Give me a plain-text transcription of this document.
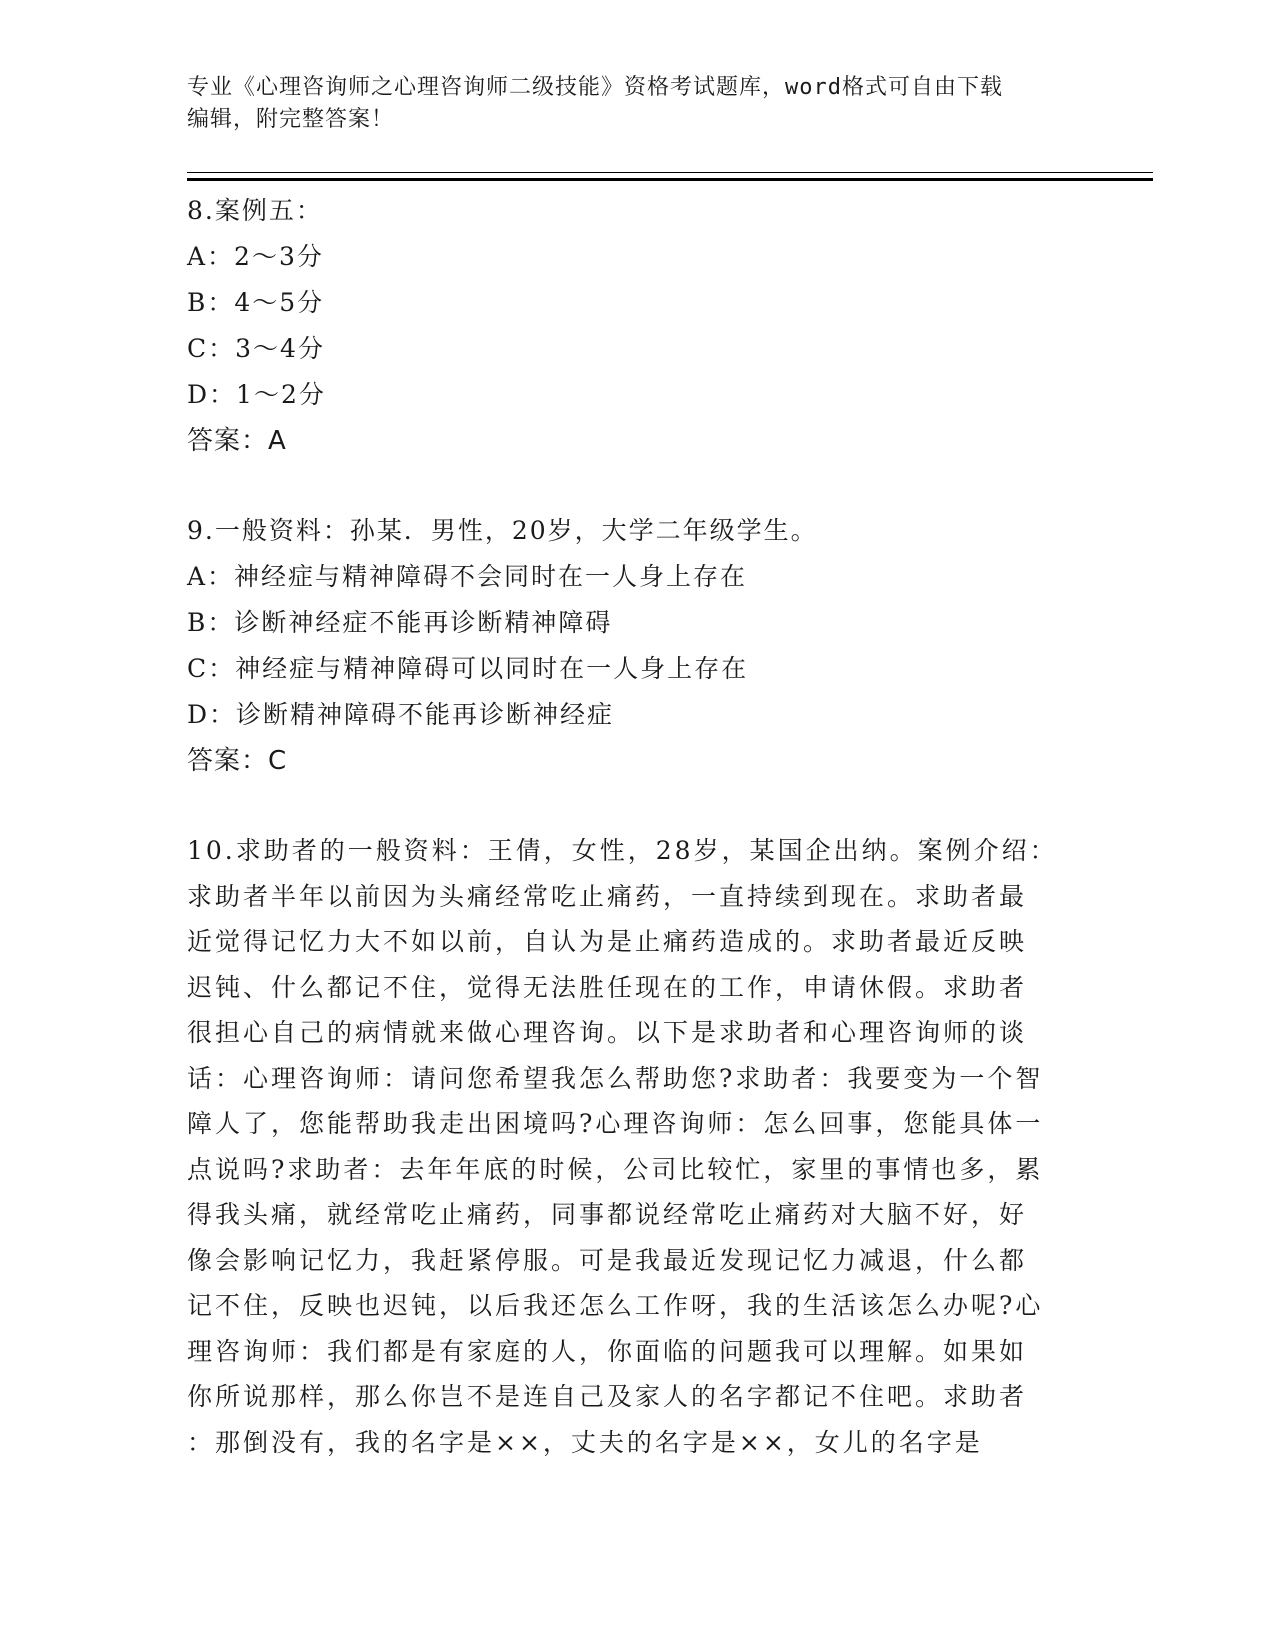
专业《心理咨询师之心理咨询师二级技能》资格考试题库，word格式可自由下载
编辑，附完整答案！
8.案例五：
A：2～3分
B：4～5分
C：3～4分
D：1～2分
答案：A
9.一般资料：孙某．男性，20岁，大学二年级学生。
A：神经症与精神障碍不会同时在一人身上存在
B：诊断神经症不能再诊断精神障碍
C：神经症与精神障碍可以同时在一人身上存在
D：诊断精神障碍不能再诊断神经症
答案：C
10.求助者的一般资料：王倩，女性，28岁，某国企出纳。案例介绍：
求助者半年以前因为头痛经常吃止痛药，一直持续到现在。求助者最
近觉得记忆力大不如以前，自认为是止痛药造成的。求助者最近反映
迟钝、什么都记不住，觉得无法胜任现在的工作，申请休假。求助者
很担心自己的病情就来做心理咨询。以下是求助者和心理咨询师的谈
话：心理咨询师：请问您希望我怎么帮助您?求助者：我要变为一个智
障人了，您能帮助我走出困境吗?心理咨询师：怎么回事，您能具体一
点说吗?求助者：去年年底的时候，公司比较忙，家里的事情也多，累
得我头痛，就经常吃止痛药，同事都说经常吃止痛药对大脑不好，好
像会影响记忆力，我赶紧停服。可是我最近发现记忆力减退，什么都
记不住，反映也迟钝，以后我还怎么工作呀，我的生活该怎么办呢?心
理咨询师：我们都是有家庭的人，你面临的问题我可以理解。如果如
你所说那样，那么你岂不是连自己及家人的名字都记不住吧。求助者
：那倒没有，我的名字是××，丈夫的名字是××，女儿的名字是
